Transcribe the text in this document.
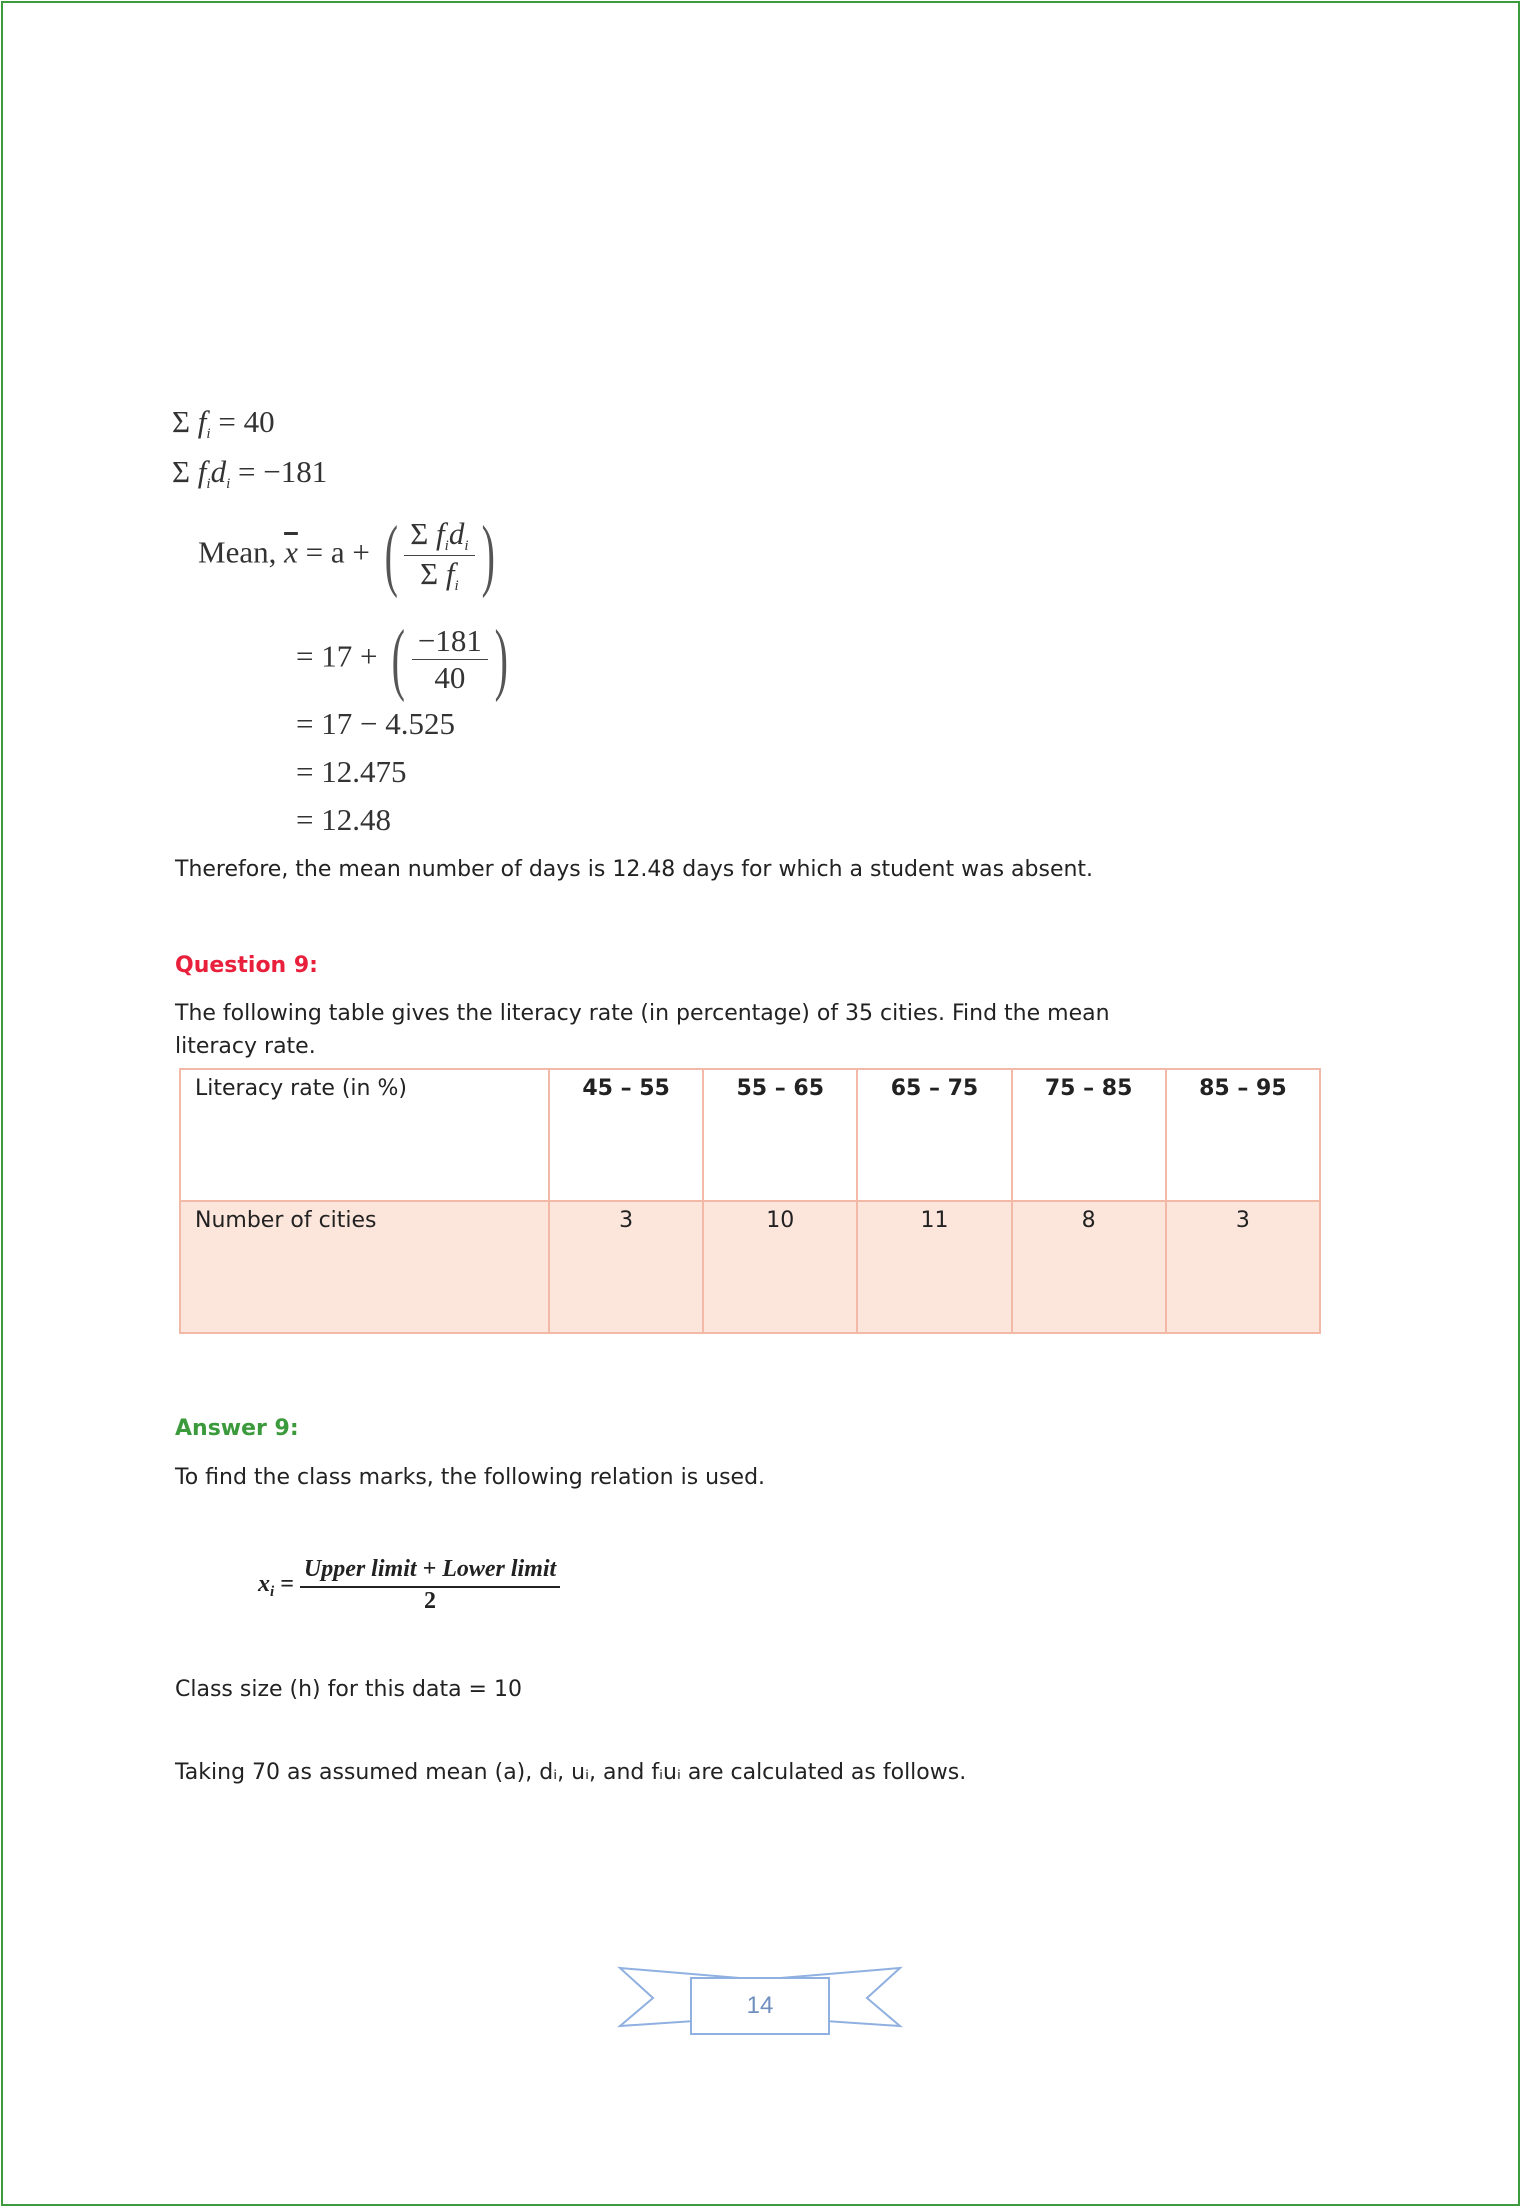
Σ $f_i = 40$
Σ $f_id_i = -181$
Mean, $\overline{x} = a$ + ( $\frac{\Sigma f_id_i}{\Sigma f_i}$ )
= 17 + ( $\frac{-181}{40}$ )
= 17 − 4.525
= 12.475
= 12.48
Therefore, the mean number of days is 12.48 days for which a student was absent.
Question 9:
The following table gives the literacy rate (in percentage) of 35 cities. Find the mean
literacy rate.
Literacy rate (in %)	45 – 55	55 – 65	65 – 75	75 – 85	85 – 95
Number of cities	3	10	11	8	3
Answer 9:
To find the class marks, the following relation is used.
$x_i = \frac{\text{Upper limit + Lower limit}}{2}$
Class size (h) for this data = 10
Taking 70 as assumed mean (a), dᵢ, uᵢ, and fᵢuᵢ are calculated as follows.
14
